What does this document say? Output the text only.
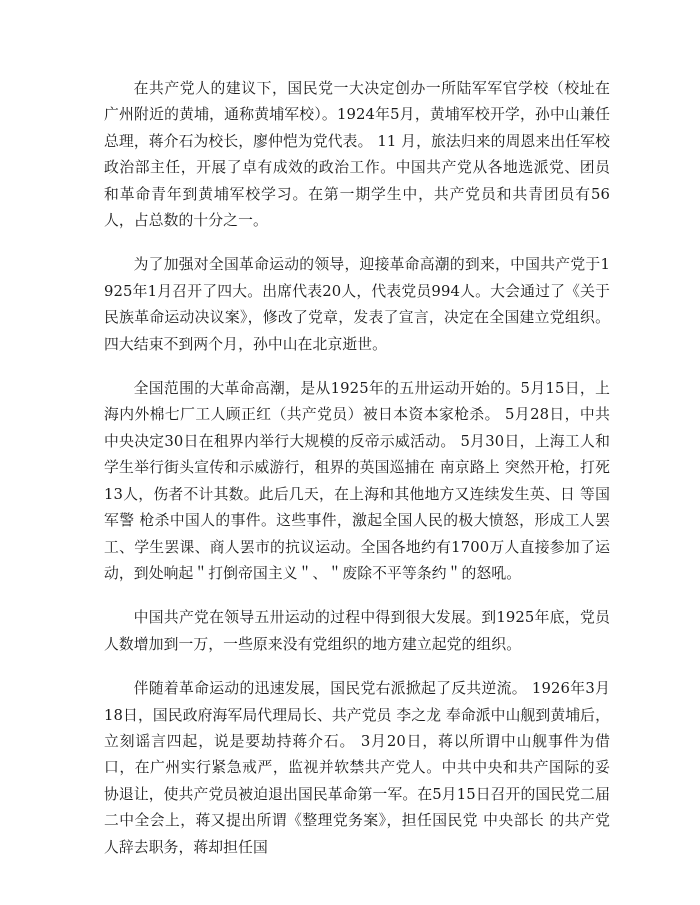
在共产党人的建议下，国民党一大决定创办一所陆军军官学校（校址在广州附近的黄埔，通称黄埔军校）。1924年5月，黄埔军校开学，孙中山兼任总理，蒋介石为校长，廖仲恺为党代表。 11 月，旅法归来的周恩来出任军校政治部主任，开展了卓有成效的政治工作。中国共产党从各地选派党、团员和革命青年到黄埔军校学习。在第一期学生中，共产党员和共青团员有56人，占总数的十分之一。

为了加强对全国革命运动的领导，迎接革命高潮的到来，中国共产党于1925年1月召开了四大。出席代表20人，代表党员994人。大会通过了《关于民族革命运动决议案》，修改了党章，发表了宣言，决定在全国建立党组织。四大结束不到两个月，孙中山在北京逝世。

全国范围的大革命高潮，是从1925年的五卅运动开始的。5月15日，上海内外棉七厂工人顾正红（共产党员）被日本资本家枪杀。 5月28日，中共中央决定30日在租界内举行大规模的反帝示威活动。 5月30日，上海工人和学生举行街头宣传和示威游行，租界的英国巡捕在 南京路上 突然开枪，打死13人，伤者不计其数。此后几天，在上海和其他地方又连续发生英、日 等国军警 枪杀中国人的事件。这些事件，激起全国人民的极大愤怒，形成工人罢工、学生罢课、商人罢市的抗议运动。全国各地约有1700万人直接参加了运动，到处响起＂打倒帝国主义＂、＂废除不平等条约＂的怒吼。

中国共产党在领导五卅运动的过程中得到很大发展。到1925年底，党员人数增加到一万，一些原来没有党组织的地方建立起党的组织。

伴随着革命运动的迅速发展，国民党右派掀起了反共逆流。 1926年3月18日，国民政府海军局代理局长、共产党员 李之龙 奉命派中山舰到黄埔后，立刻谣言四起，说是要劫持蒋介石。 3月20日，蒋以所谓中山舰事件为借口，在广州实行紧急戒严，监视并软禁共产党人。中共中央和共产国际的妥协退让，使共产党员被迫退出国民革命第一军。在5月15日召开的国民党二届二中全会上，蒋又提出所谓《整理党务案》，担任国民党 中央部长 的共产党人辞去职务，蒋却担任国
